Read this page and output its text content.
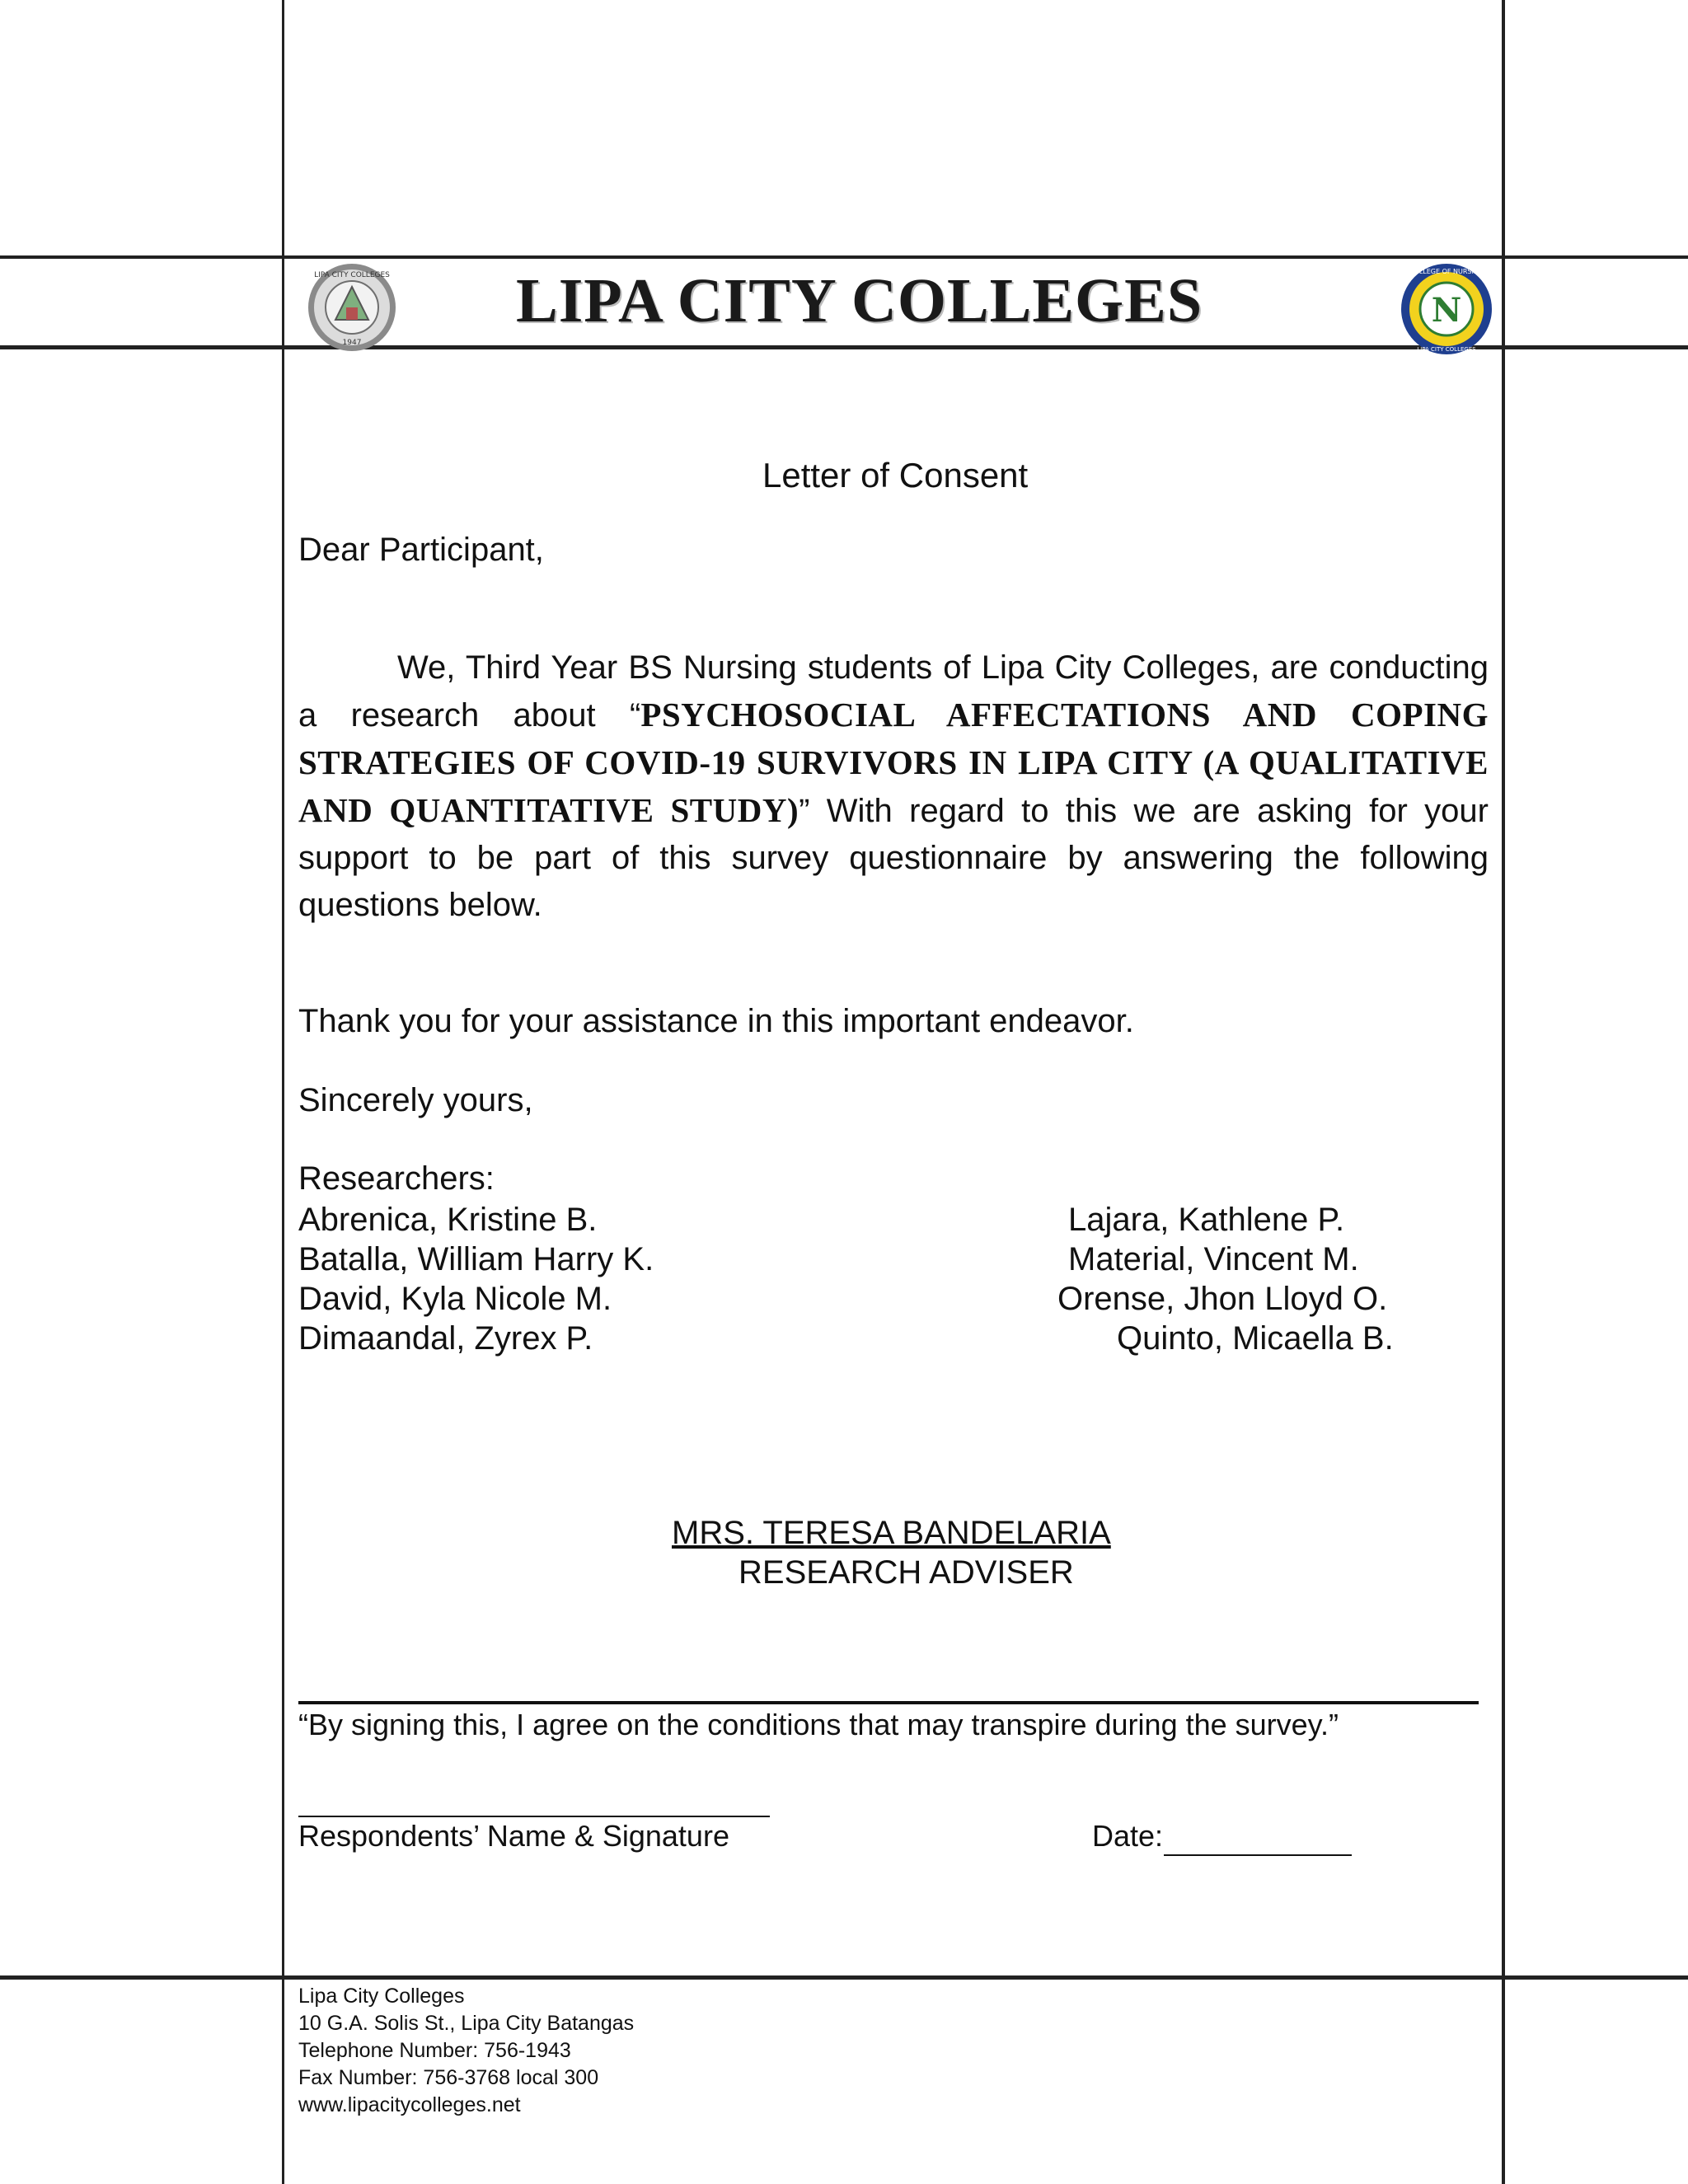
LIPA CITY COLLEGES
1947
LIPA CITY COLLEGES	N
COLLEGE OF NURSING
LIPA CITY COLLEGES
Letter of Consent
Dear Participant,
We, Third Year BS Nursing students of Lipa City Colleges, are conducting a research about “PSYCHOSOCIAL AFFECTATIONS AND COPING STRATEGIES OF COVID-19 SURVIVORS IN LIPA CITY (A QUALITATIVE AND QUANTITATIVE STUDY)” With regard to this we are asking for your support to be part of this survey questionnaire by answering the following questions below.
Thank you for your assistance in this important endeavor.
Sincerely yours,
Researchers:
Abrenica, Kristine B.
Batalla, William Harry K.
David, Kyla Nicole M.
Dimaandal, Zyrex P.
Lajara, Kathlene P.
Material, Vincent M.
Orense, Jhon Lloyd O.
Quinto, Micaella B.
MRS. TERESA BANDELARIA
RESEARCH ADVISER
“By signing this, I agree on the conditions that may transpire during the survey.”
Respondents’ Name & Signature	Date:
Lipa City Colleges
10 G.A. Solis St., Lipa City Batangas
Telephone Number: 756-1943
Fax Number: 756-3768 local 300
www.lipacitycolleges.net
